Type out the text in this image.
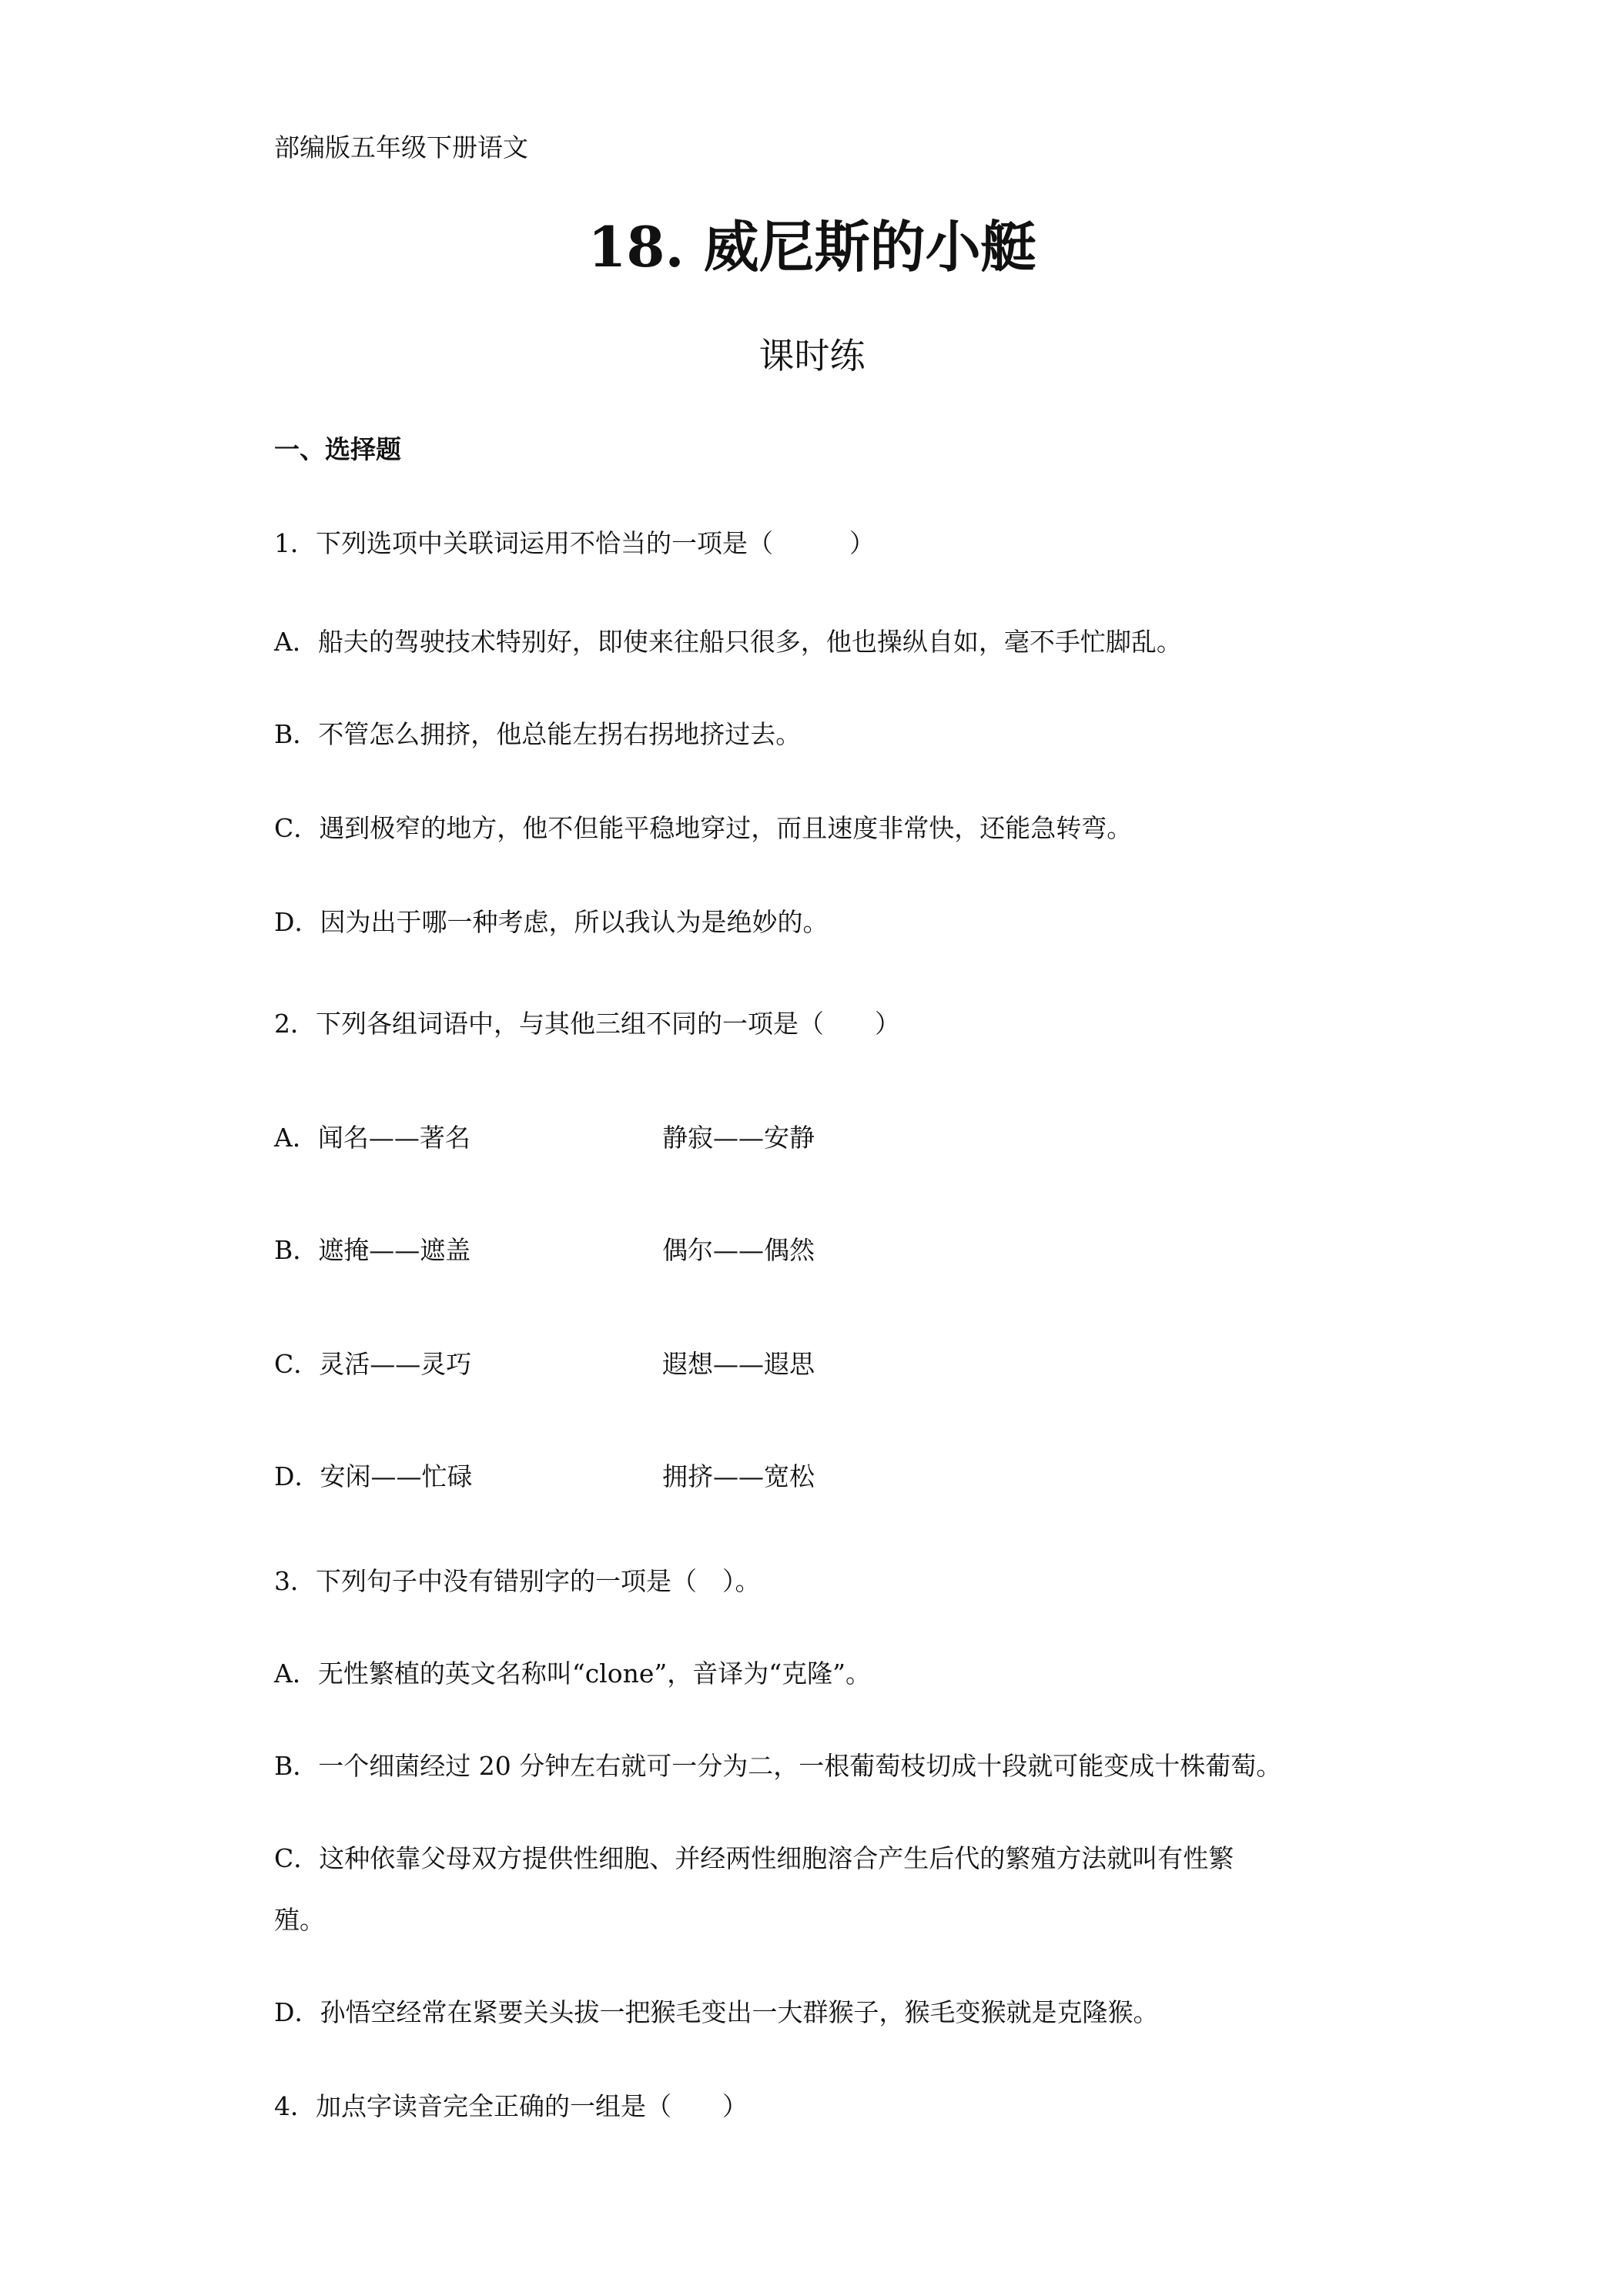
部编版五年级下册语文
18. 威尼斯的小艇
课时练
一、选择题
1．下列选项中关联词运用不恰当的一项是（　　　）
A．船夫的驾驶技术特别好，即使来往船只很多，他也操纵自如，毫不手忙脚乱。
B．不管怎么拥挤，他总能左拐右拐地挤过去。
C．遇到极窄的地方，他不但能平稳地穿过，而且速度非常快，还能急转弯。
D．因为出于哪一种考虑，所以我认为是绝妙的。
2．下列各组词语中，与其他三组不同的一项是（　　）
A．闻名——著名	静寂——安静
B．遮掩——遮盖	偶尔——偶然
C．灵活——灵巧	遐想——遐思
D．安闲——忙碌	拥挤——宽松
3．下列句子中没有错别字的一项是（　）。
A．无性繁植的英文名称叫“clone”，音译为“克隆”。
B．一个细菌经过 20 分钟左右就可一分为二，一根葡萄枝切成十段就可能变成十株葡萄。
C．这种依靠父母双方提供性细胞、并经两性细胞溶合产生后代的繁殖方法就叫有性繁
殖。
D．孙悟空经常在紧要关头拔一把猴毛变出一大群猴子，猴毛变猴就是克隆猴。
4．加点字读音完全正确的一组是（　　）
